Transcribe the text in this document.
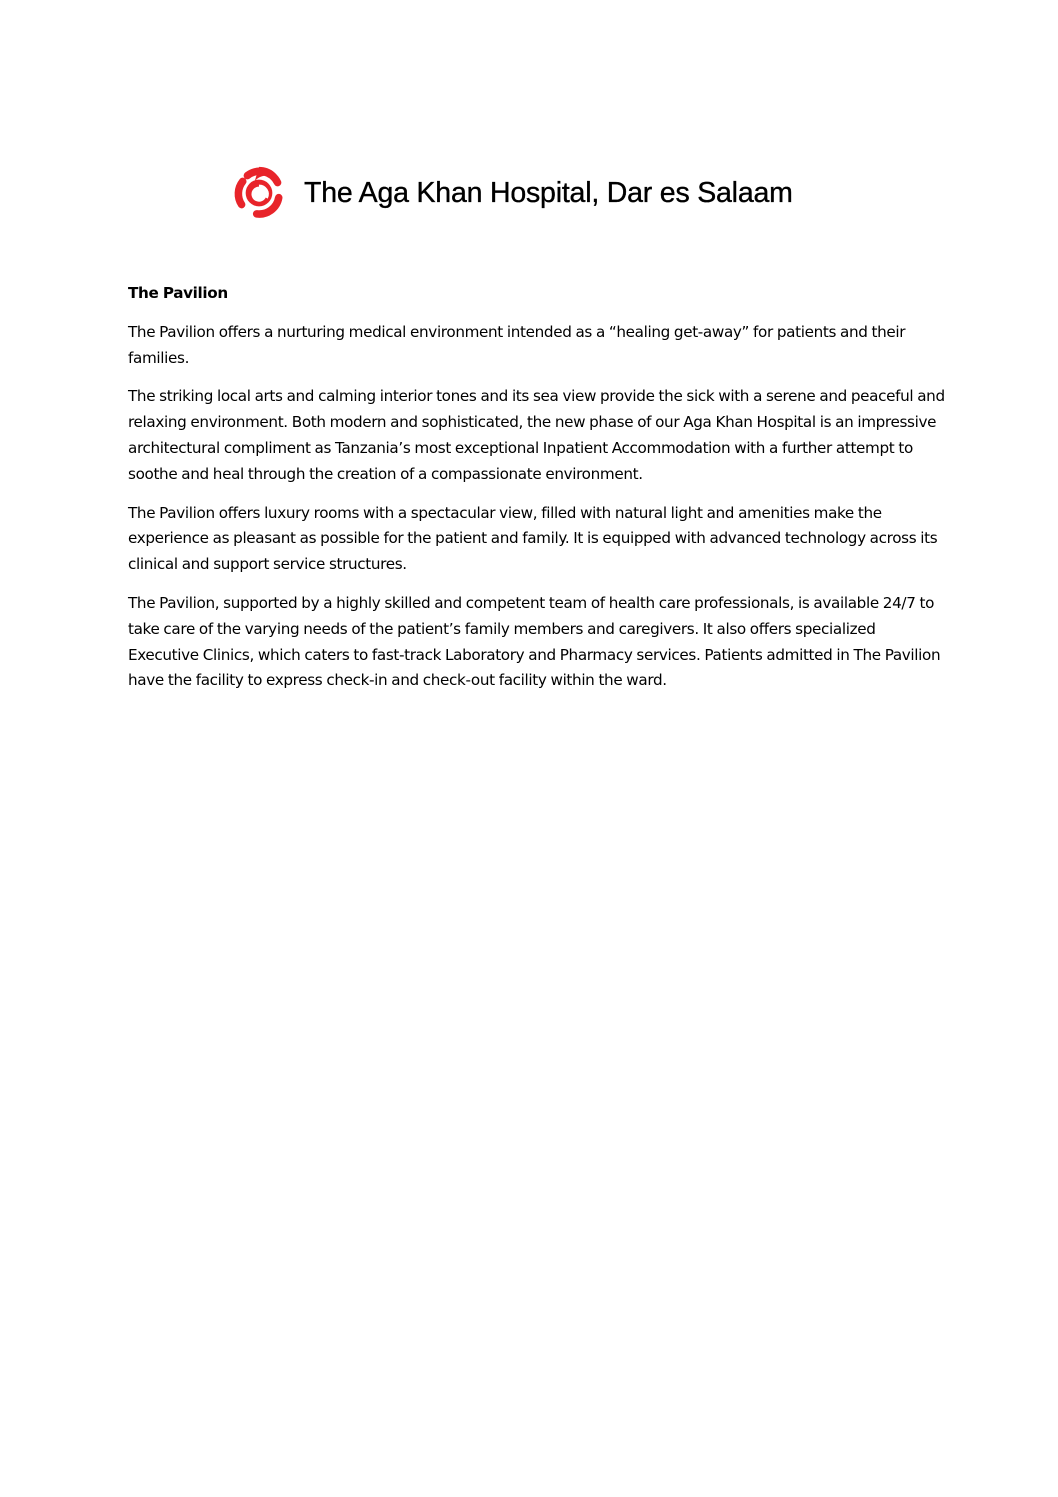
The Aga Khan Hospital, Dar es Salaam
The Pavilion

The Pavilion offers a nurturing medical environment intended as a “healing get-away” for patients and their families.

The striking local arts and calming interior tones and its sea view provide the sick with a serene and peaceful and relaxing environment. Both modern and sophisticated, the new phase of our Aga Khan Hospital is an impressive architectural compliment as Tanzania’s most exceptional Inpatient Accommodation with a further attempt to soothe and heal through the creation of a compassionate environment.

The Pavilion offers luxury rooms with a spectacular view, filled with natural light and amenities make the experience as pleasant as possible for the patient and family. It is equipped with advanced technology across its clinical and support service structures.

The Pavilion, supported by a highly skilled and competent team of health care professionals, is available 24/7 to take care of the varying needs of the patient’s family members and caregivers. It also offers specialized Executive Clinics, which caters to fast-track Laboratory and Pharmacy services. Patients admitted in The Pavilion have the facility to express check-in and check-out facility within the ward.
